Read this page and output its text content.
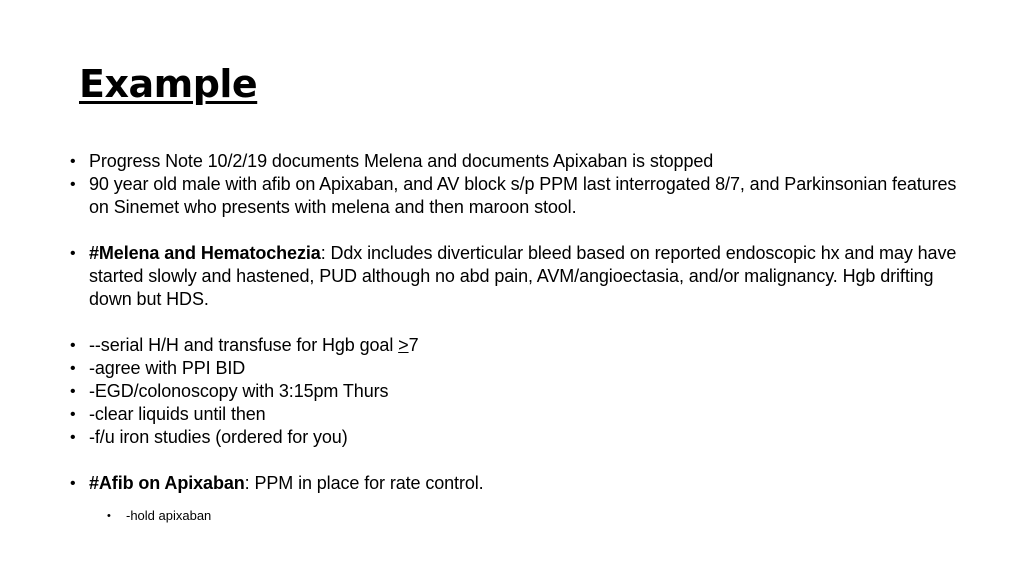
Example
• Progress Note 10/2/19 documents Melena and documents Apixaban is stopped
• 90 year old male with afib on Apixaban, and AV block s/p PPM last interrogated 8/7, and Parkinsonian features on Sinemet who presents with melena and then maroon stool.
• #Melena and Hematochezia: Ddx includes diverticular bleed based on reported endoscopic hx and may have started slowly and hastened, PUD although no abd pain, AVM/angioectasia, and/or malignancy. Hgb drifting down but HDS.
• --serial H/H and transfuse for Hgb goal >7
• -agree with PPI BID
• -EGD/colonoscopy with 3:15pm Thurs
• -clear liquids until then
• -f/u iron studies (ordered for you)
• #Afib on Apixaban: PPM in place for rate control.
• -hold apixaban
